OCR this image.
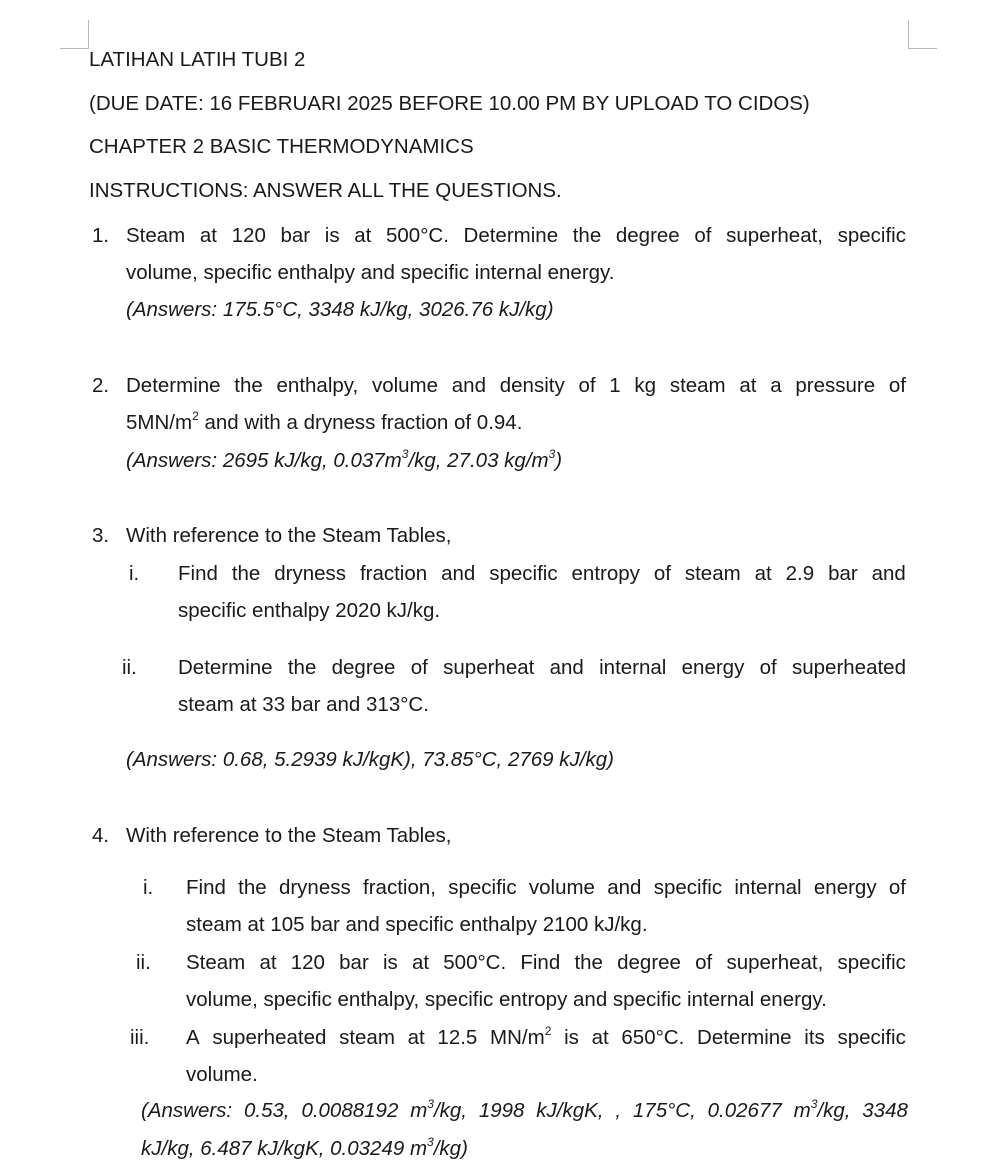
LATIHAN LATIH TUBI 2
(DUE DATE: 16 FEBRUARI 2025 BEFORE 10.00 PM BY UPLOAD TO CIDOS)
CHAPTER 2 BASIC THERMODYNAMICS
INSTRUCTIONS: ANSWER ALL THE QUESTIONS.
1. Steam at 120 bar is at 500°C. Determine the degree of superheat, specific
volume, specific enthalpy and specific internal energy.
(Answers: 175.5°C, 3348 kJ/kg, 3026.76 kJ/kg)
2. Determine the enthalpy, volume and density of 1 kg steam at a pressure of
$5MN/m^2$ and with a dryness fraction of 0.94.
(Answers: 2695 kJ/kg, $0.037m^3/kg$, 27.03 $kg/m^3$)
3. With reference to the Steam Tables,
i. Find the dryness fraction and specific entropy of steam at 2.9 bar and
specific enthalpy 2020 kJ/kg.
ii. Determine the degree of superheat and internal energy of superheated
steam at 33 bar and 313°C.
(Answers: 0.68, 5.2939 kJ/kgK), 73.85°C, 2769 kJ/kg)
4. With reference to the Steam Tables,
i. Find the dryness fraction, specific volume and specific internal energy of
steam at 105 bar and specific enthalpy 2100 kJ/kg.
ii. Steam at 120 bar is at 500°C. Find the degree of superheat, specific
volume, specific enthalpy, specific entropy and specific internal energy.
iii. A superheated steam at 12.5 $MN/m^2$ is at 650°C. Determine its specific
volume.
(Answers: 0.53, 0.0088192 $m^3/kg$, 1998 kJ/kgK, , 175°C, 0.02677 $m^3/kg$, 3348
kJ/kg, 6.487 kJ/kgK, 0.03249 $m^3/kg$)
